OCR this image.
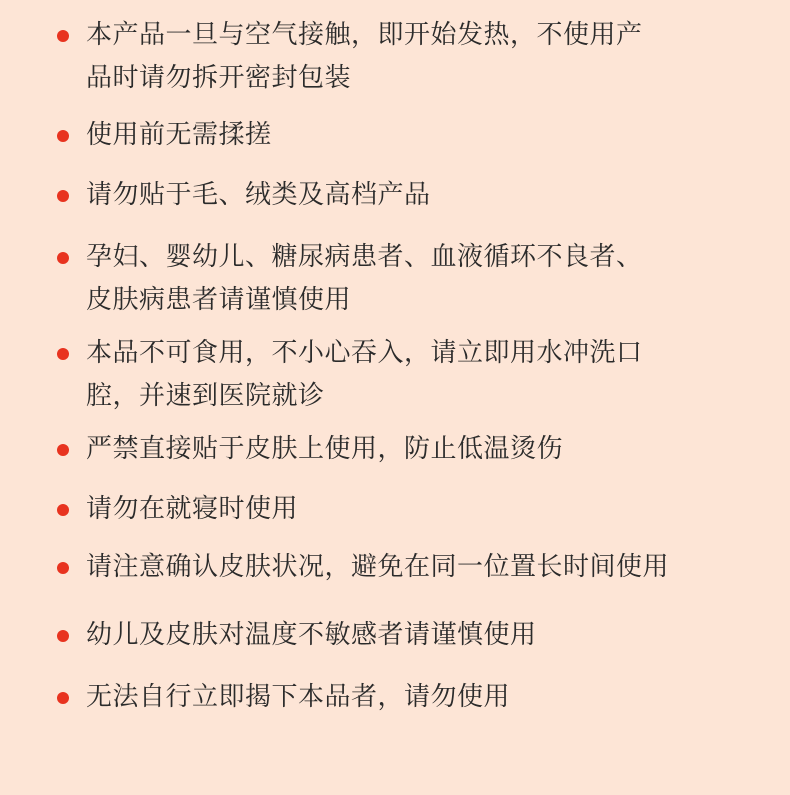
本产品一旦与空气接触，即开始发热，不使用产
品时请勿拆开密封包装
使用前无需揉搓
请勿贴于毛、绒类及高档产品
孕妇、婴幼儿、糖尿病患者、血液循环不良者、
皮肤病患者请谨慎使用
本品不可食用，不小心吞入，请立即用水冲洗口
腔，并速到医院就诊
严禁直接贴于皮肤上使用，防止低温烫伤
请勿在就寝时使用
请注意确认皮肤状况，避免在同一位置长时间使用
幼儿及皮肤对温度不敏感者请谨慎使用
无法自行立即揭下本品者，请勿使用
